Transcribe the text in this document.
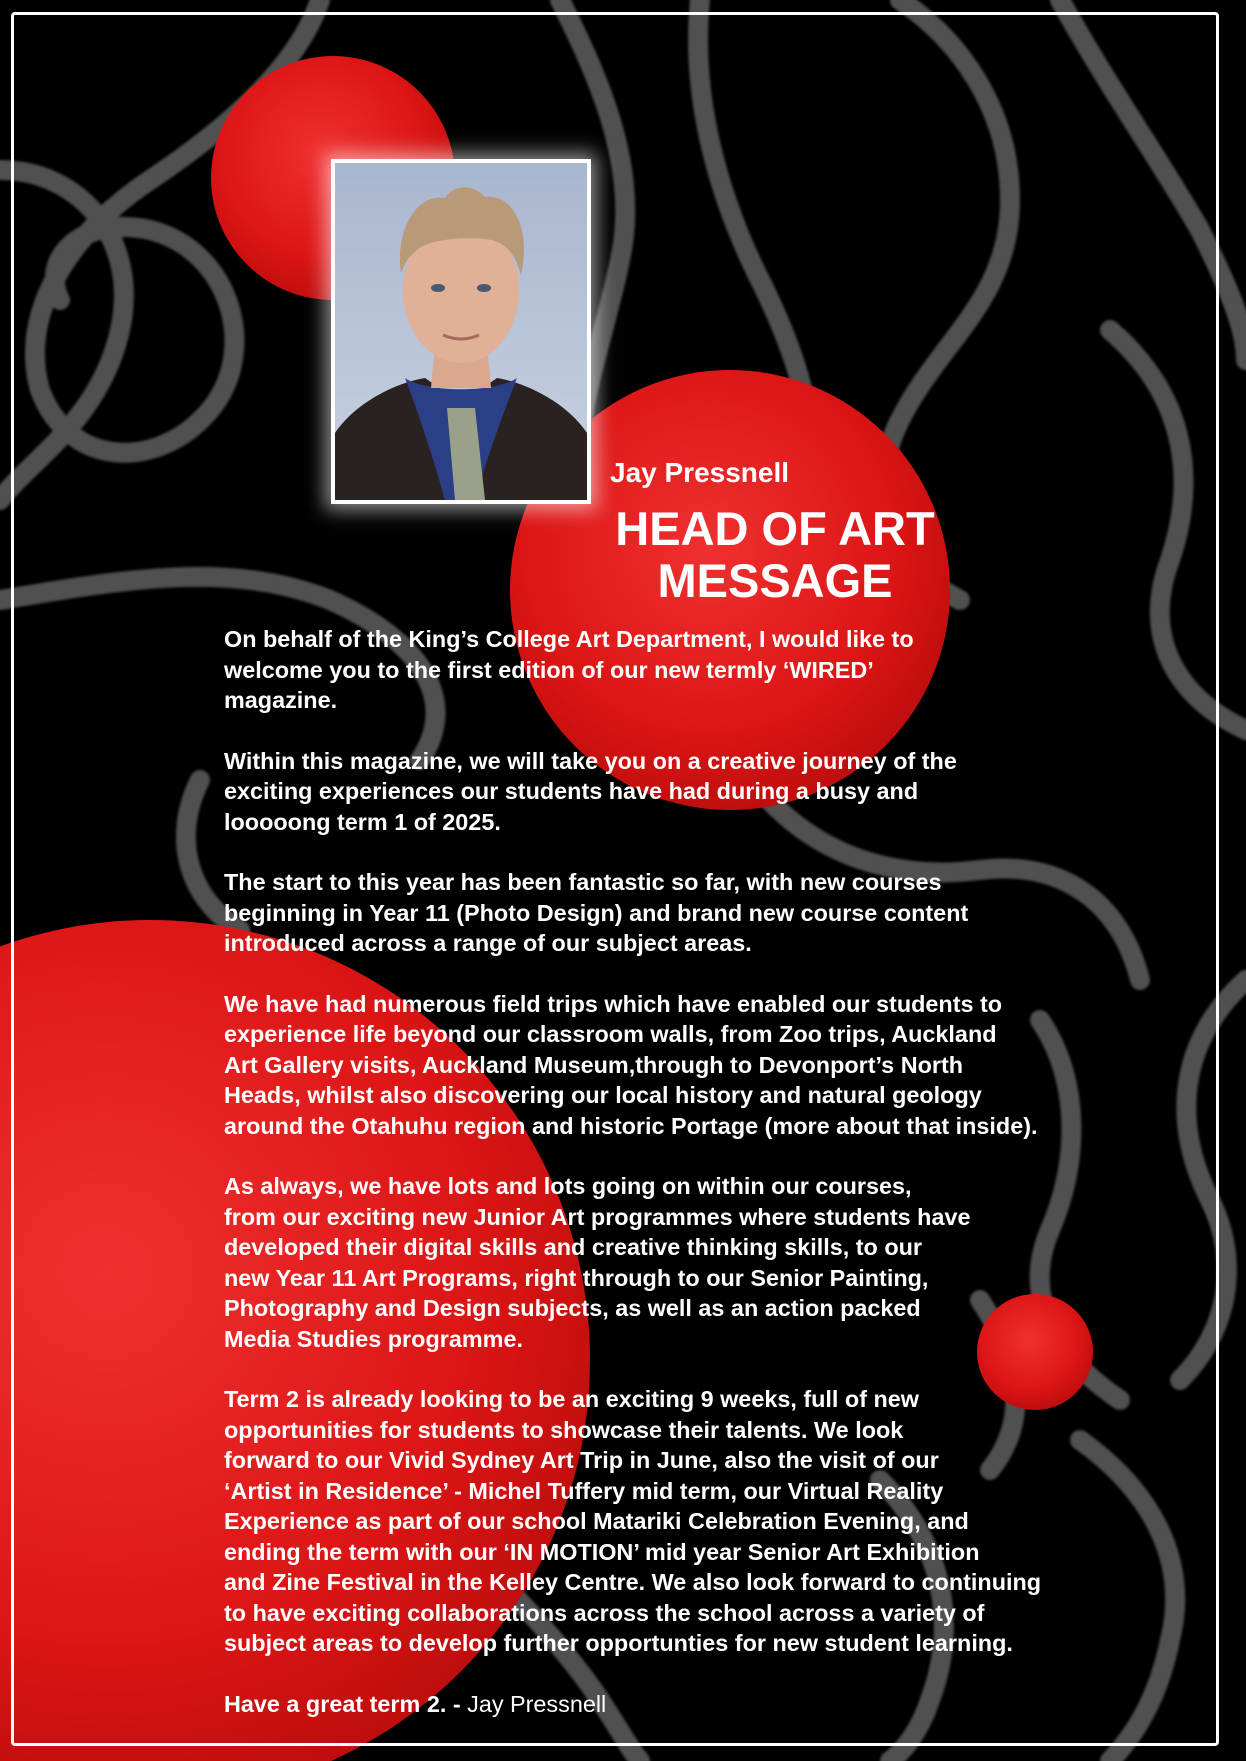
Jay Pressnell

HEAD OF ART
MESSAGE

On behalf of the King’s College Art Department, I would like to
welcome you to the first edition of our new termly ‘WIRED’
magazine.

Within this magazine, we will take you on a creative journey of the
exciting experiences our students have had during a busy and
looooong term 1 of 2025.

The start to this year has been fantastic so far, with new courses
beginning in Year 11 (Photo Design) and brand new course content
introduced across a range of our subject areas.

We have had numerous field trips which have enabled our students to
experience life beyond our classroom walls, from Zoo trips, Auckland
Art Gallery visits, Auckland Museum,through to Devonport’s North
Heads, whilst also discovering our local history and natural geology
around the Otahuhu region and historic Portage (more about that inside).

As always, we have lots and lots going on within our courses,
from our exciting new Junior Art programmes where students have
developed their digital skills and creative thinking skills, to our
new Year 11 Art Programs, right through to our Senior Painting,
Photography and Design subjects, as well as an action packed
Media Studies programme.

Term 2 is already looking to be an exciting 9 weeks, full of new
opportunities for students to showcase their talents. We look
forward to our Vivid Sydney Art Trip in June, also the visit of our
‘Artist in Residence’ - Michel Tuffery mid term, our Virtual Reality
Experience as part of our school Matariki Celebration Evening, and
ending the term with our ‘IN MOTION’ mid year Senior Art Exhibition
and Zine Festival in the Kelley Centre. We also look forward to continuing
to have exciting collaborations across the school across a variety of
subject areas to develop further opportunties for new student learning.

Have a great term 2. - Jay Pressnell
